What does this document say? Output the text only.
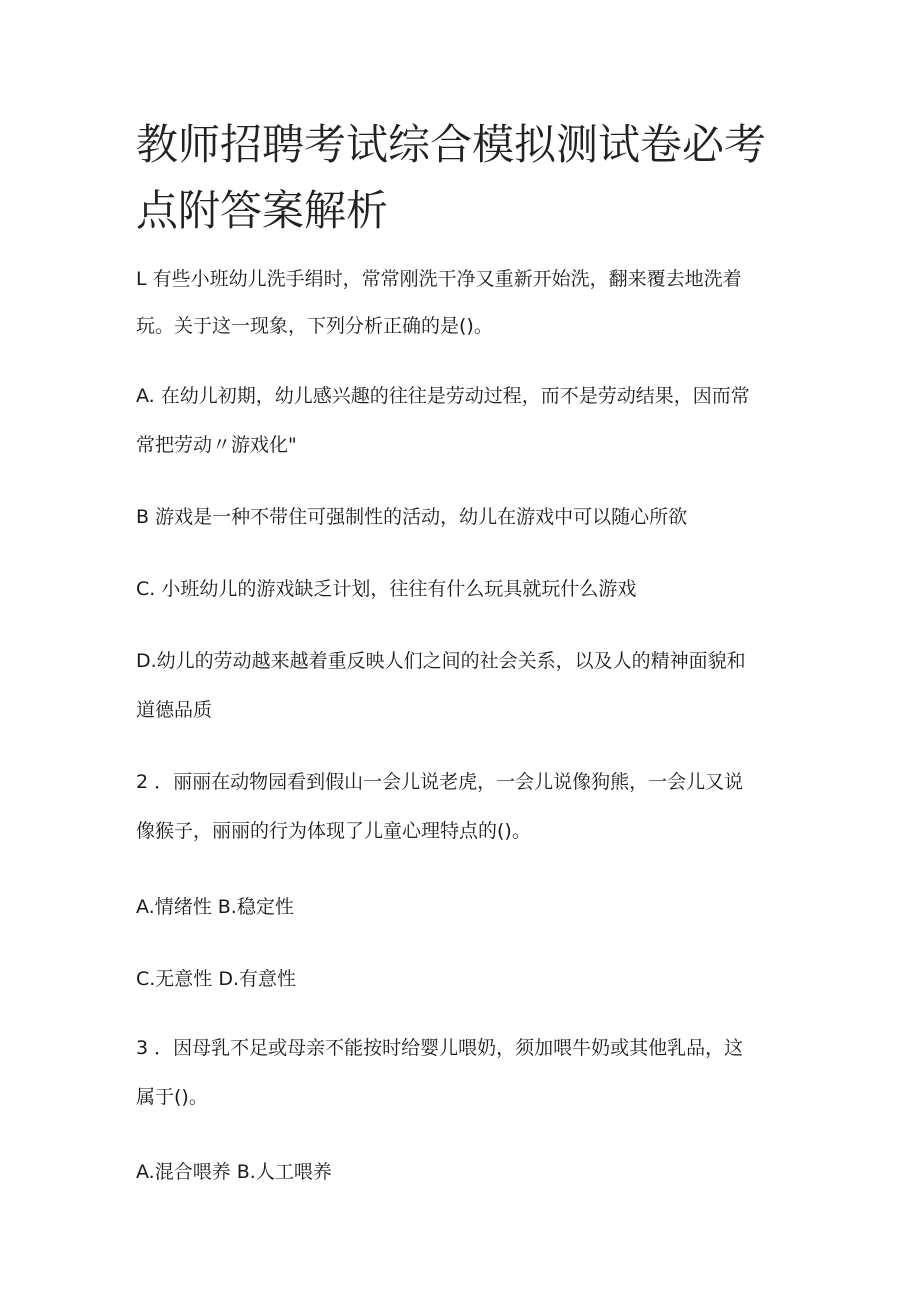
教师招聘考试综合模拟测试卷必考
点附答案解析

L 有些小班幼儿洗手绢时，常常刚洗干净又重新开始洗，翻来覆去地洗着

玩。关于这一现象，下列分析正确的是()。

A. 在幼儿初期，幼儿感兴趣的往往是劳动过程，而不是劳动结果，因而常

常把劳动〃游戏化"

B 游戏是一种不带住可强制性的活动，幼儿在游戏中可以随心所欲

C. 小班幼儿的游戏缺乏计划，往往有什么玩具就玩什么游戏

D.幼儿的劳动越来越着重反映人们之间的社会关系，以及人的精神面貌和

道德品质

2 ．丽丽在动物园看到假山一会儿说老虎，一会儿说像狗熊，一会儿又说

像猴子，丽丽的行为体现了儿童心理特点的()。

A.情绪性 B.稳定性

C.无意性 D.有意性

3 ．因母乳不足或母亲不能按时给婴儿喂奶，须加喂牛奶或其他乳品，这

属于()。

A.混合喂养 B.人工喂养
